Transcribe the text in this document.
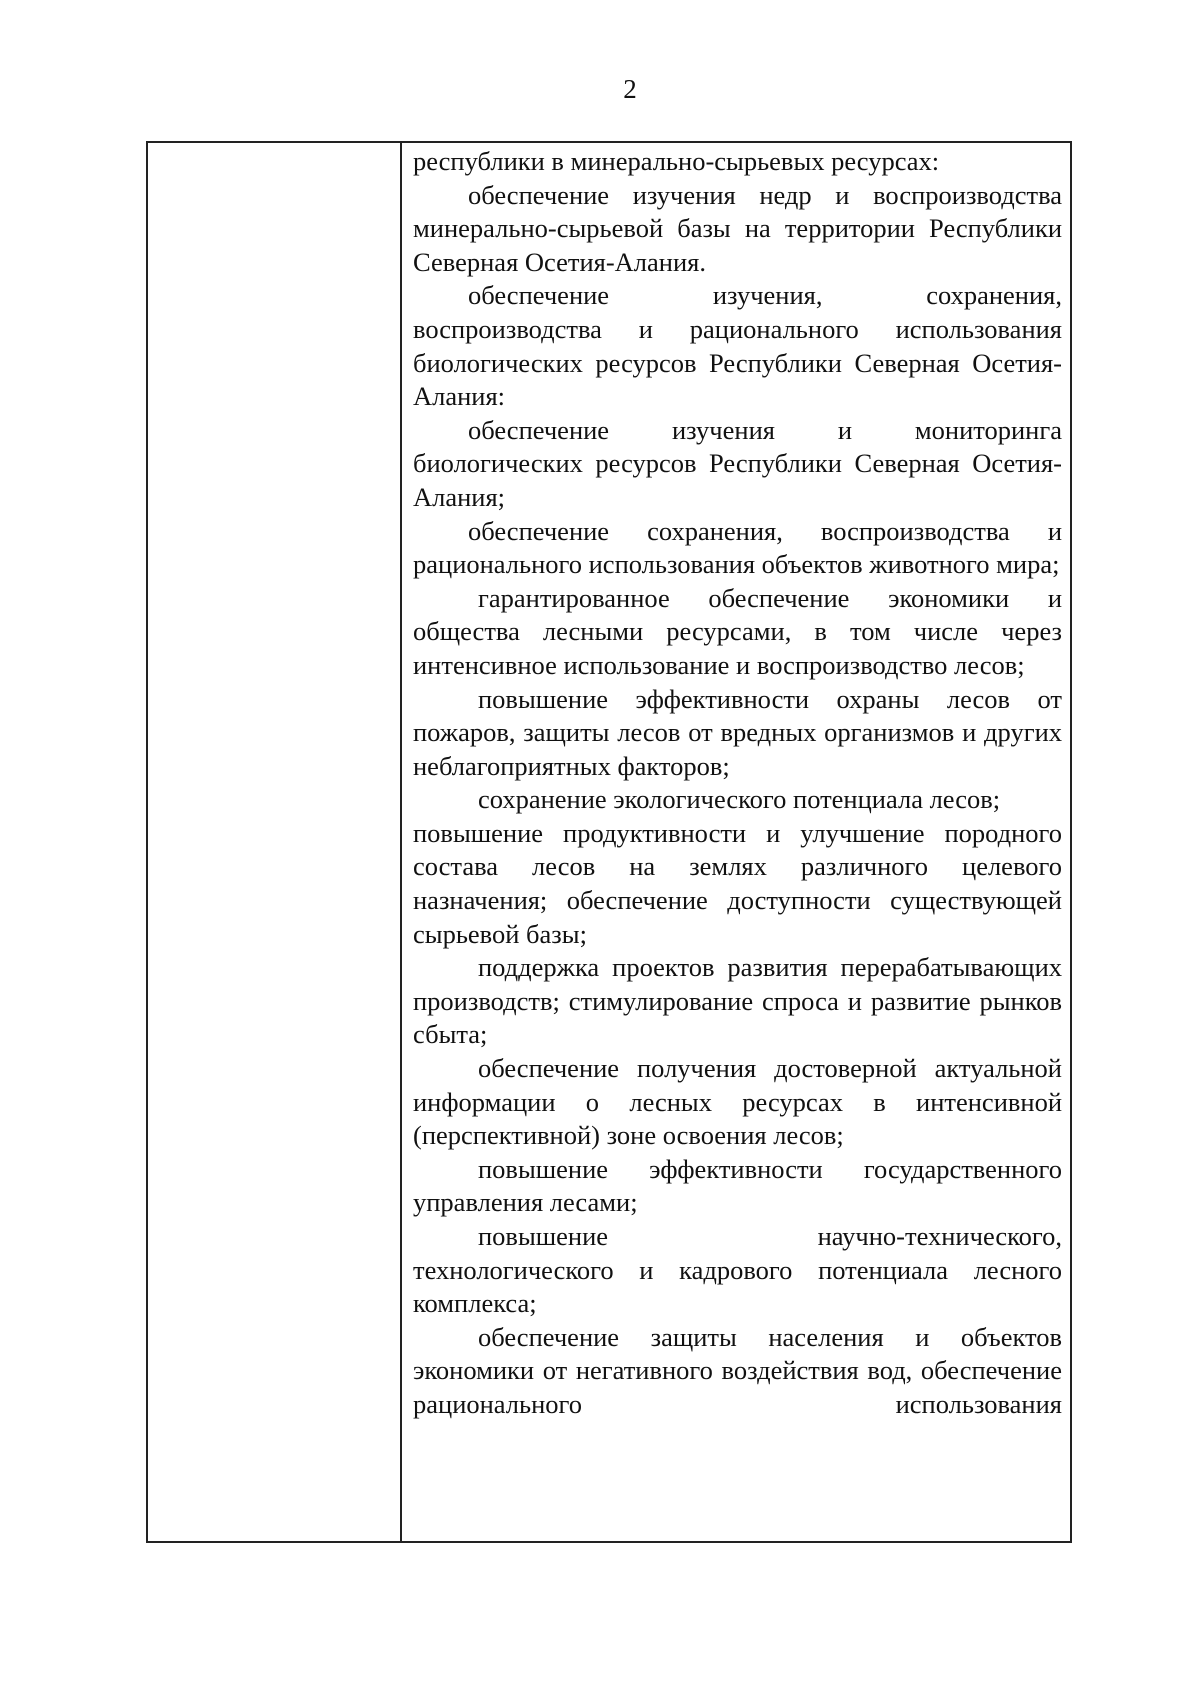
2

республики в минерально-сырьевых ресурсах:

обеспечение изучения недр и воспроизводства минерально-сырьевой базы на территории Республики Северная Осетия-Алания.

обеспечение изучения, сохранения, воспроизводства и рационального использования биологических ресурсов Республики Северная Осетия-Алания:

обеспечение изучения и мониторинга биологических ресурсов Республики Северная Осетия-Алания;

обеспечение сохранения, воспроизводства и рационального использования объектов животного мира;

гарантированное обеспечение экономики и общества лесными ресурсами, в том числе через интенсивное использование и воспроизводство лесов;

повышение эффективности охраны лесов от пожаров, защиты лесов от вредных организмов и других неблагоприятных факторов;

сохранение экологического потенциала лесов;

повышение продуктивности и улучшение породного состава лесов на землях различного целевого назначения; обеспечение доступности существующей сырьевой базы;

поддержка проектов развития перерабатывающих производств; стимулирование спроса и развитие рынков сбыта;

обеспечение получения достоверной актуальной информации о лесных ресурсах в интенсивной (перспективной) зоне освоения лесов;

повышение эффективности государственного управления лесами;

повышение научно-технического, технологического и кадрового потенциала лесного комплекса;

обеспечение защиты населения и объектов экономики от негативного воздействия вод, обеспечение рационального использования
